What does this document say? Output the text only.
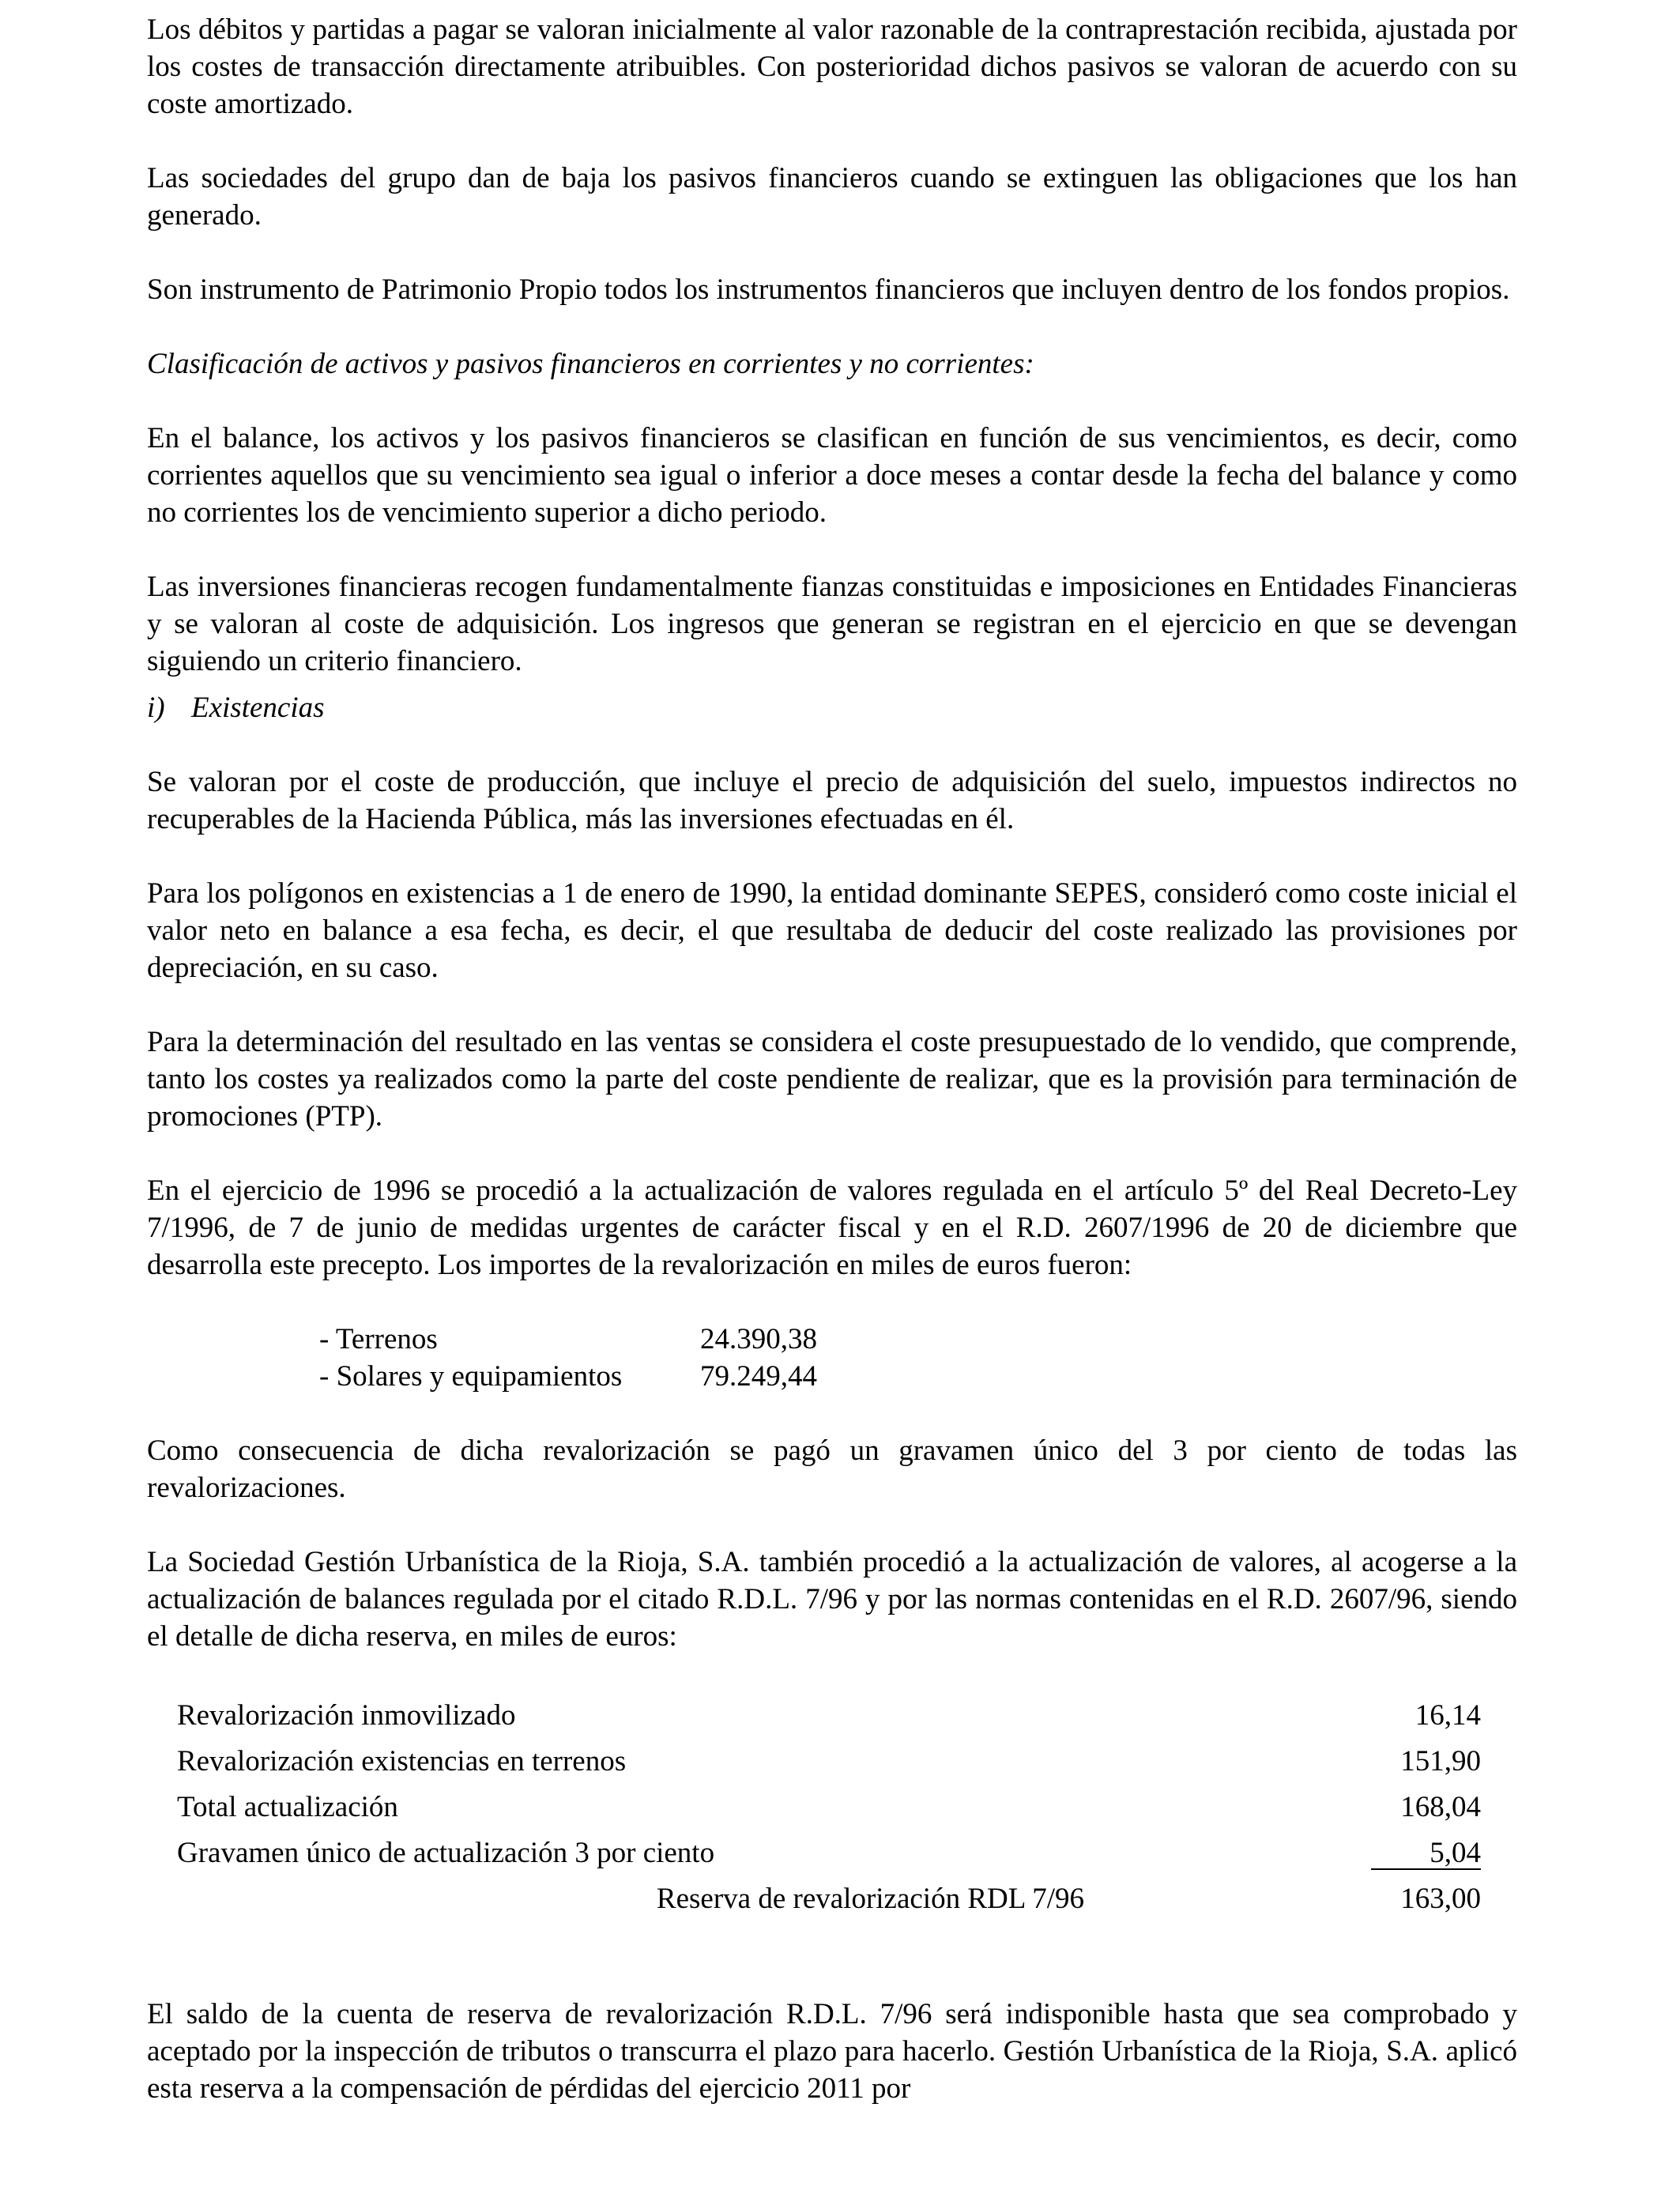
Los débitos y partidas a pagar se valoran inicialmente al valor razonable de la contraprestación recibida, ajustada por los costes de transacción directamente atribuibles. Con posterioridad dichos pasivos se valoran de acuerdo con su coste amortizado.

Las sociedades del grupo dan de baja los pasivos financieros cuando se extinguen las obligaciones que los han generado.

Son instrumento de Patrimonio Propio todos los instrumentos financieros que incluyen dentro de los fondos propios.

Clasificación de activos y pasivos financieros en corrientes y no corrientes:

En el balance, los activos y los pasivos financieros se clasifican en función de sus vencimientos, es decir, como corrientes aquellos que su vencimiento sea igual o inferior a doce meses a contar desde la fecha del balance y como no corrientes los de vencimiento superior a dicho periodo.

Las inversiones financieras recogen fundamentalmente fianzas constituidas e imposiciones en Entidades Financieras y se valoran al coste de adquisición. Los ingresos que generan se registran en el ejercicio en que se devengan siguiendo un criterio financiero.

i) Existencias

Se valoran por el coste de producción, que incluye el precio de adquisición del suelo, impuestos indirectos no recuperables de la Hacienda Pública, más las inversiones efectuadas en él.

Para los polígonos en existencias a 1 de enero de 1990, la entidad dominante SEPES, consideró como coste inicial el valor neto en balance a esa fecha, es decir, el que resultaba de deducir del coste realizado las provisiones por depreciación, en su caso.

Para la determinación del resultado en las ventas se considera el coste presupuestado de lo vendido, que comprende, tanto los costes ya realizados como la parte del coste pendiente de realizar, que es la provisión para terminación de promociones (PTP).

En el ejercicio de 1996 se procedió a la actualización de valores regulada en el artículo 5º del Real Decreto-Ley 7/1996, de 7 de junio de medidas urgentes de carácter fiscal y en el R.D. 2607/1996 de 20 de diciembre que desarrolla este precepto. Los importes de la revalorización en miles de euros fueron:

- Terrenos	24.390,38
- Solares y equipamientos	79.249,44

Como consecuencia de dicha revalorización se pagó un gravamen único del 3 por ciento de todas las revalorizaciones.

La Sociedad Gestión Urbanística de la Rioja, S.A. también procedió a la actualización de valores, al acogerse a la actualización de balances regulada por el citado R.D.L. 7/96 y por las normas contenidas en el R.D. 2607/96, siendo el detalle de dicha reserva, en miles de euros:

Revalorización inmovilizado	16,14
Revalorización existencias en terrenos	151,90
Total actualización	168,04
Gravamen único de actualización 3 por ciento	5,04
Reserva de revalorización RDL 7/96	163,00

El saldo de la cuenta de reserva de revalorización R.D.L. 7/96 será indisponible hasta que sea comprobado y aceptado por la inspección de tributos o transcurra el plazo para hacerlo. Gestión Urbanística de la Rioja, S.A. aplicó esta reserva a la compensación de pérdidas del ejercicio 2011 por
